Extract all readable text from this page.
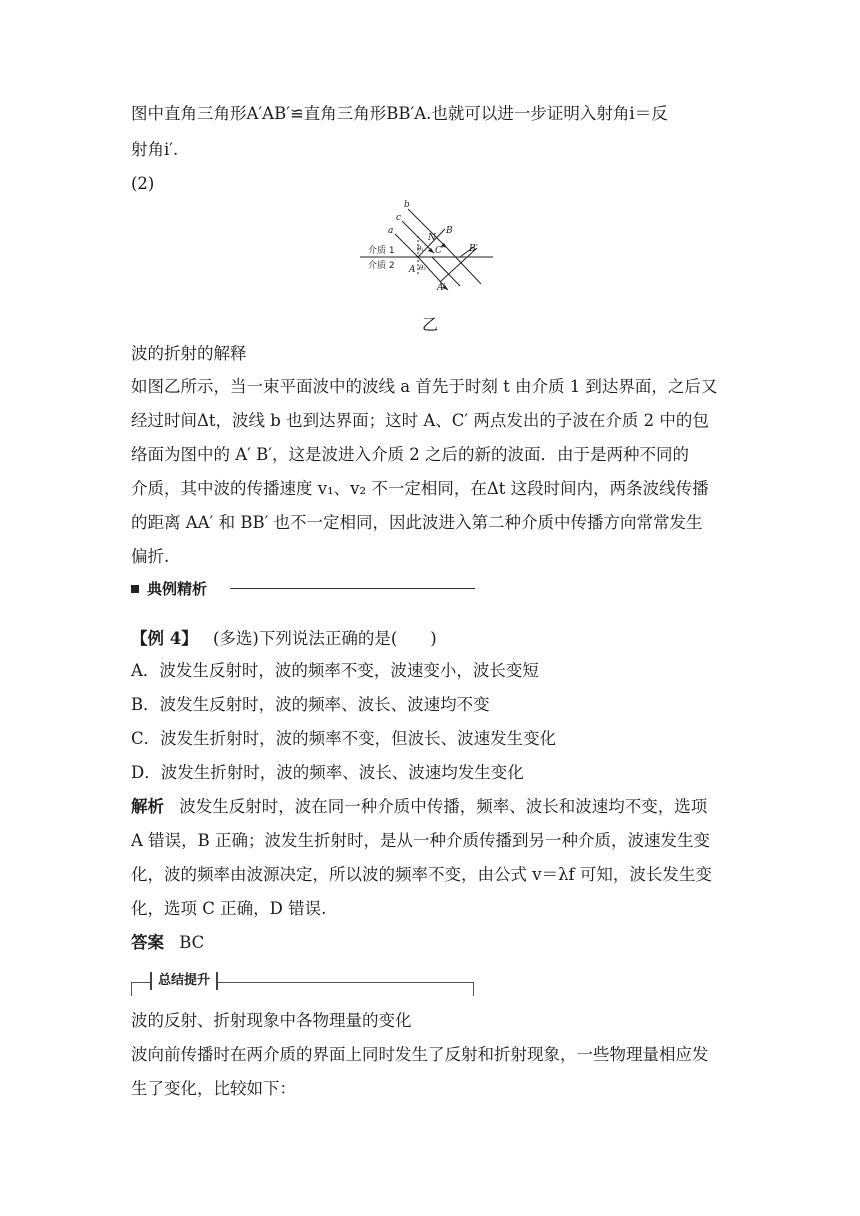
图中直角三角形A′AB′≌直角三角形BB′A.也就可以进一步证明入射角i＝反
射角i′.
(2)
b
c
a	B
N
C′	B′
θ₁
θ₂
A
A′
介质 1
介质 2
乙
波的折射的解释
如图乙所示，当一束平面波中的波线 a 首先于时刻 t 由介质 1 到达界面，之后又
经过时间Δt，波线 b 也到达界面；这时 A、C′ 两点发出的子波在介质 2 中的包
络面为图中的 A′ B′，这是波进入介质 2 之后的新的波面．由于是两种不同的
介质，其中波的传播速度 v₁、v₂ 不一定相同，在Δt 这段时间内，两条波线传播
的距离 AA′ 和 BB′ 也不一定相同，因此波进入第二种介质中传播方向常常发生
偏折.
典例精析
【例 4】 (多选)下列说法正确的是(　　)
A．波发生反射时，波的频率不变，波速变小，波长变短
B．波发生反射时，波的频率、波长、波速均不变
C．波发生折射时，波的频率不变，但波长、波速发生变化
D．波发生折射时，波的频率、波长、波速均发生变化
解析 波发生反射时，波在同一种介质中传播，频率、波长和波速均不变，选项
A 错误，B 正确；波发生折射时，是从一种介质传播到另一种介质，波速发生变
化，波的频率由波源决定，所以波的频率不变，由公式 v＝λf 可知，波长发生变
化，选项 C 正确，D 错误.
答案 BC
总结提升
波的反射、折射现象中各物理量的变化
波向前传播时在两介质的界面上同时发生了反射和折射现象，一些物理量相应发
生了变化，比较如下：
